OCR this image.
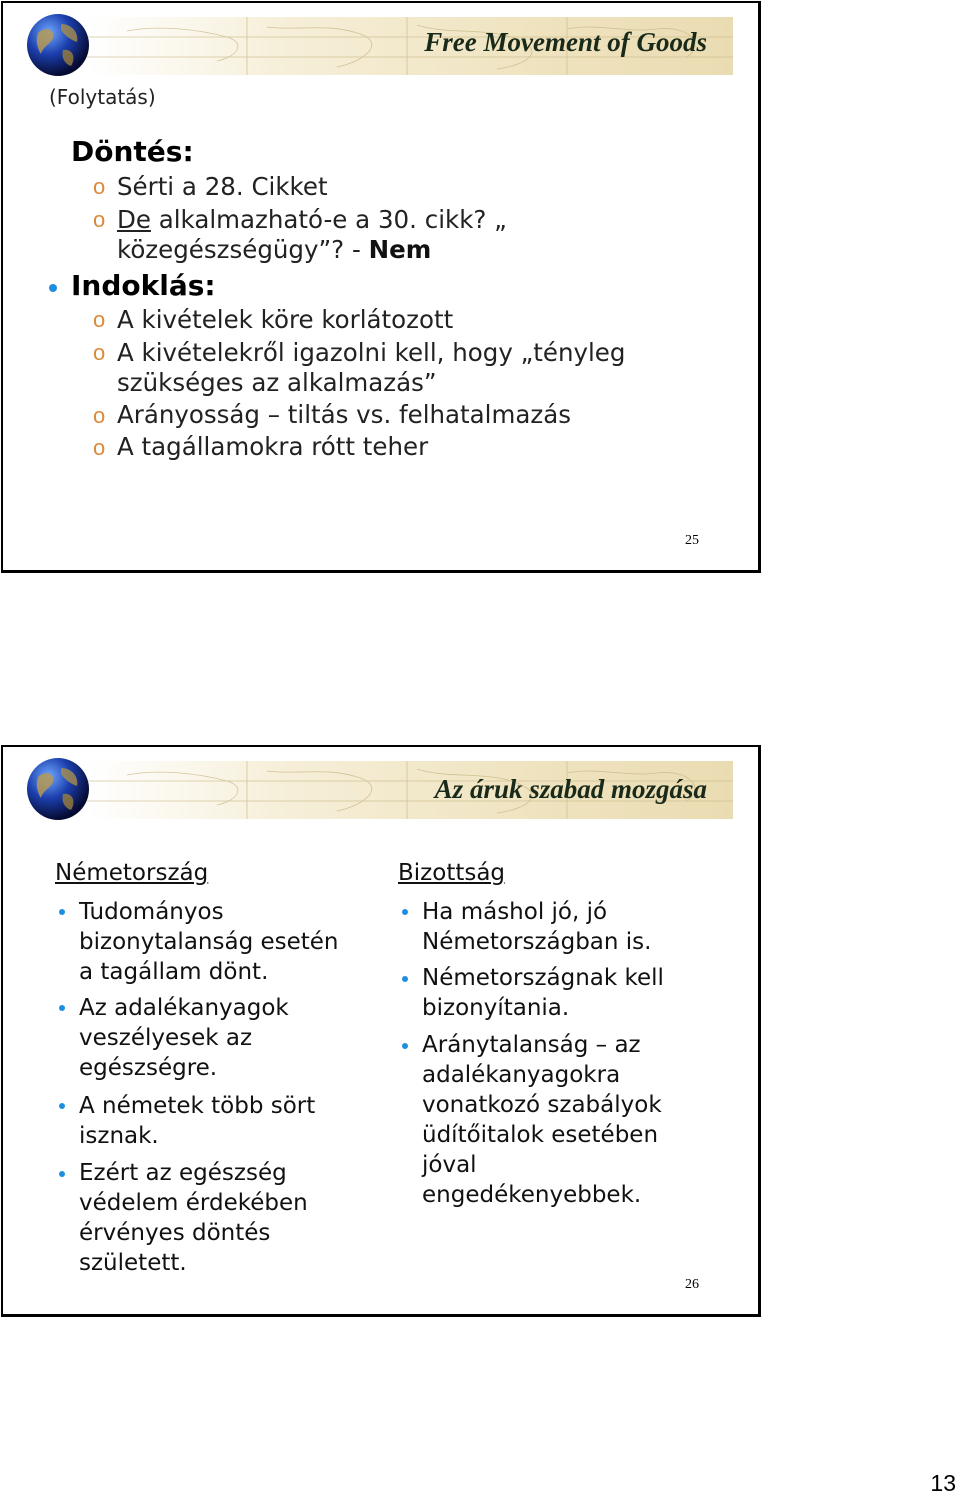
Free Movement of Goods
(Folytatás)
Döntés:
o Sérti a 28. Cikket
o De alkalmazható-e a 30. cikk? „
közegészségügy”? - Nem
Indoklás:
o A kivételek köre korlátozott
o A kivételekről igazolni kell, hogy „tényleg
szükséges az alkalmazás”
o Arányosság – tiltás vs. felhatalmazás
o A tagállamokra rótt teher
25
Az áruk szabad mozgása
Németország
Tudományos
bizonytalanság esetén
a tagállam dönt.
Az adalékanyagok
veszélyesek az
egészségre.
A németek több sört
isznak.
Ezért az egészség
védelem érdekében
érvényes döntés
született.
Bizottság
Ha máshol jó, jó
Németországban is.
Németországnak kell
bizonyítania.
Aránytalanság – az
adalékanyagokra
vonatkozó szabályok
üdítőitalok esetében
jóval
engedékenyebbek.
26
13
